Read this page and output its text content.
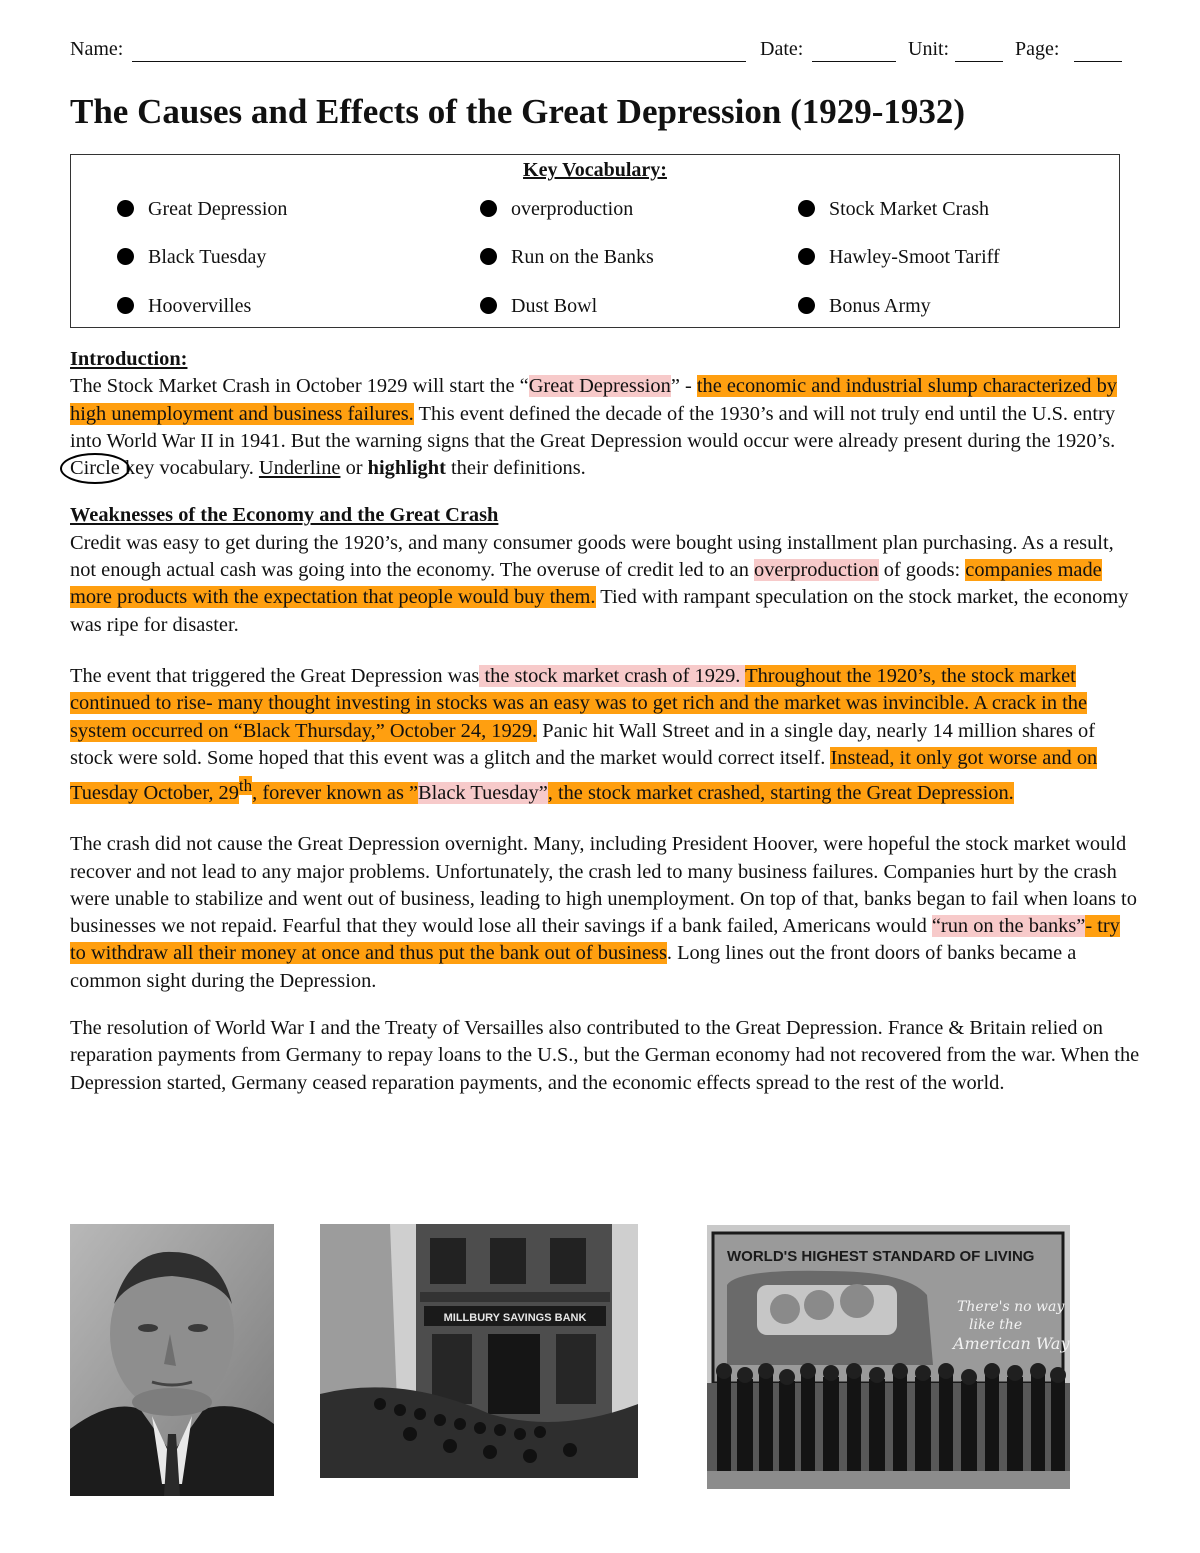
Name:	Date:	Unit:	Page:
The Causes and Effects of the Great Depression (1929-1932)
Key Vocabulary:
Great Depression	overproduction	Stock Market Crash
Black Tuesday	Run on the Banks	Hawley-Smoot Tariff
Hoovervilles	Dust Bowl	Bonus Army

Introduction:

The Stock Market Crash in October 1929 will start the “Great Depression” - the economic and industrial slump characterized by high unemployment and business failures. This event defined the decade of the 1930’s and will not truly end until the U.S. entry into World War II in 1941. But the warning signs that the Great Depression would occur were already present during the 1920’s. Circle key vocabulary. Underline or highlight their definitions.

Weaknesses of the Economy and the Great Crash

Credit was easy to get during the 1920’s, and many consumer goods were bought using installment plan purchasing. As a result, not enough actual cash was going into the economy. The overuse of credit led to an overproduction of goods: companies made more products with the expectation that people would buy them. Tied with rampant speculation on the stock market, the economy was ripe for disaster.

The event that triggered the Great Depression was the stock market crash of 1929. Throughout the 1920’s, the stock market continued to rise- many thought investing in stocks was an easy was to get rich and the market was invincible. A crack in the system occurred on “Black Thursday,” October 24, 1929. Panic hit Wall Street and in a single day, nearly 14 million shares of stock were sold. Some hoped that this event was a glitch and the market would correct itself. Instead, it only got worse and on Tuesday October, 29th, forever known as ”Black Tuesday”, the stock market crashed, starting the Great Depression.

The crash did not cause the Great Depression overnight. Many, including President Hoover, were hopeful the stock market would recover and not lead to any major problems. Unfortunately, the crash led to many business failures. Companies hurt by the crash were unable to stabilize and went out of business, leading to high unemployment. On top of that, banks began to fail when loans to businesses we not repaid. Fearful that they would lose all their savings if a bank failed, Americans would “run on the banks”- try to withdraw all their money at once and thus put the bank out of business. Long lines out the front doors of banks became a common sight during the Depression.

The resolution of World War I and the Treaty of Versailles also contributed to the Great Depression. France & Britain relied on reparation payments from Germany to repay loans to the U.S., but the German economy had not recovered from the war. When the Depression started, Germany ceased reparation payments, and the economic effects spread to the rest of the world.

MILLBURY SAVINGS BANK
WORLD'S HIGHEST STANDARD OF LIVING
There's no way
like the
American Way
